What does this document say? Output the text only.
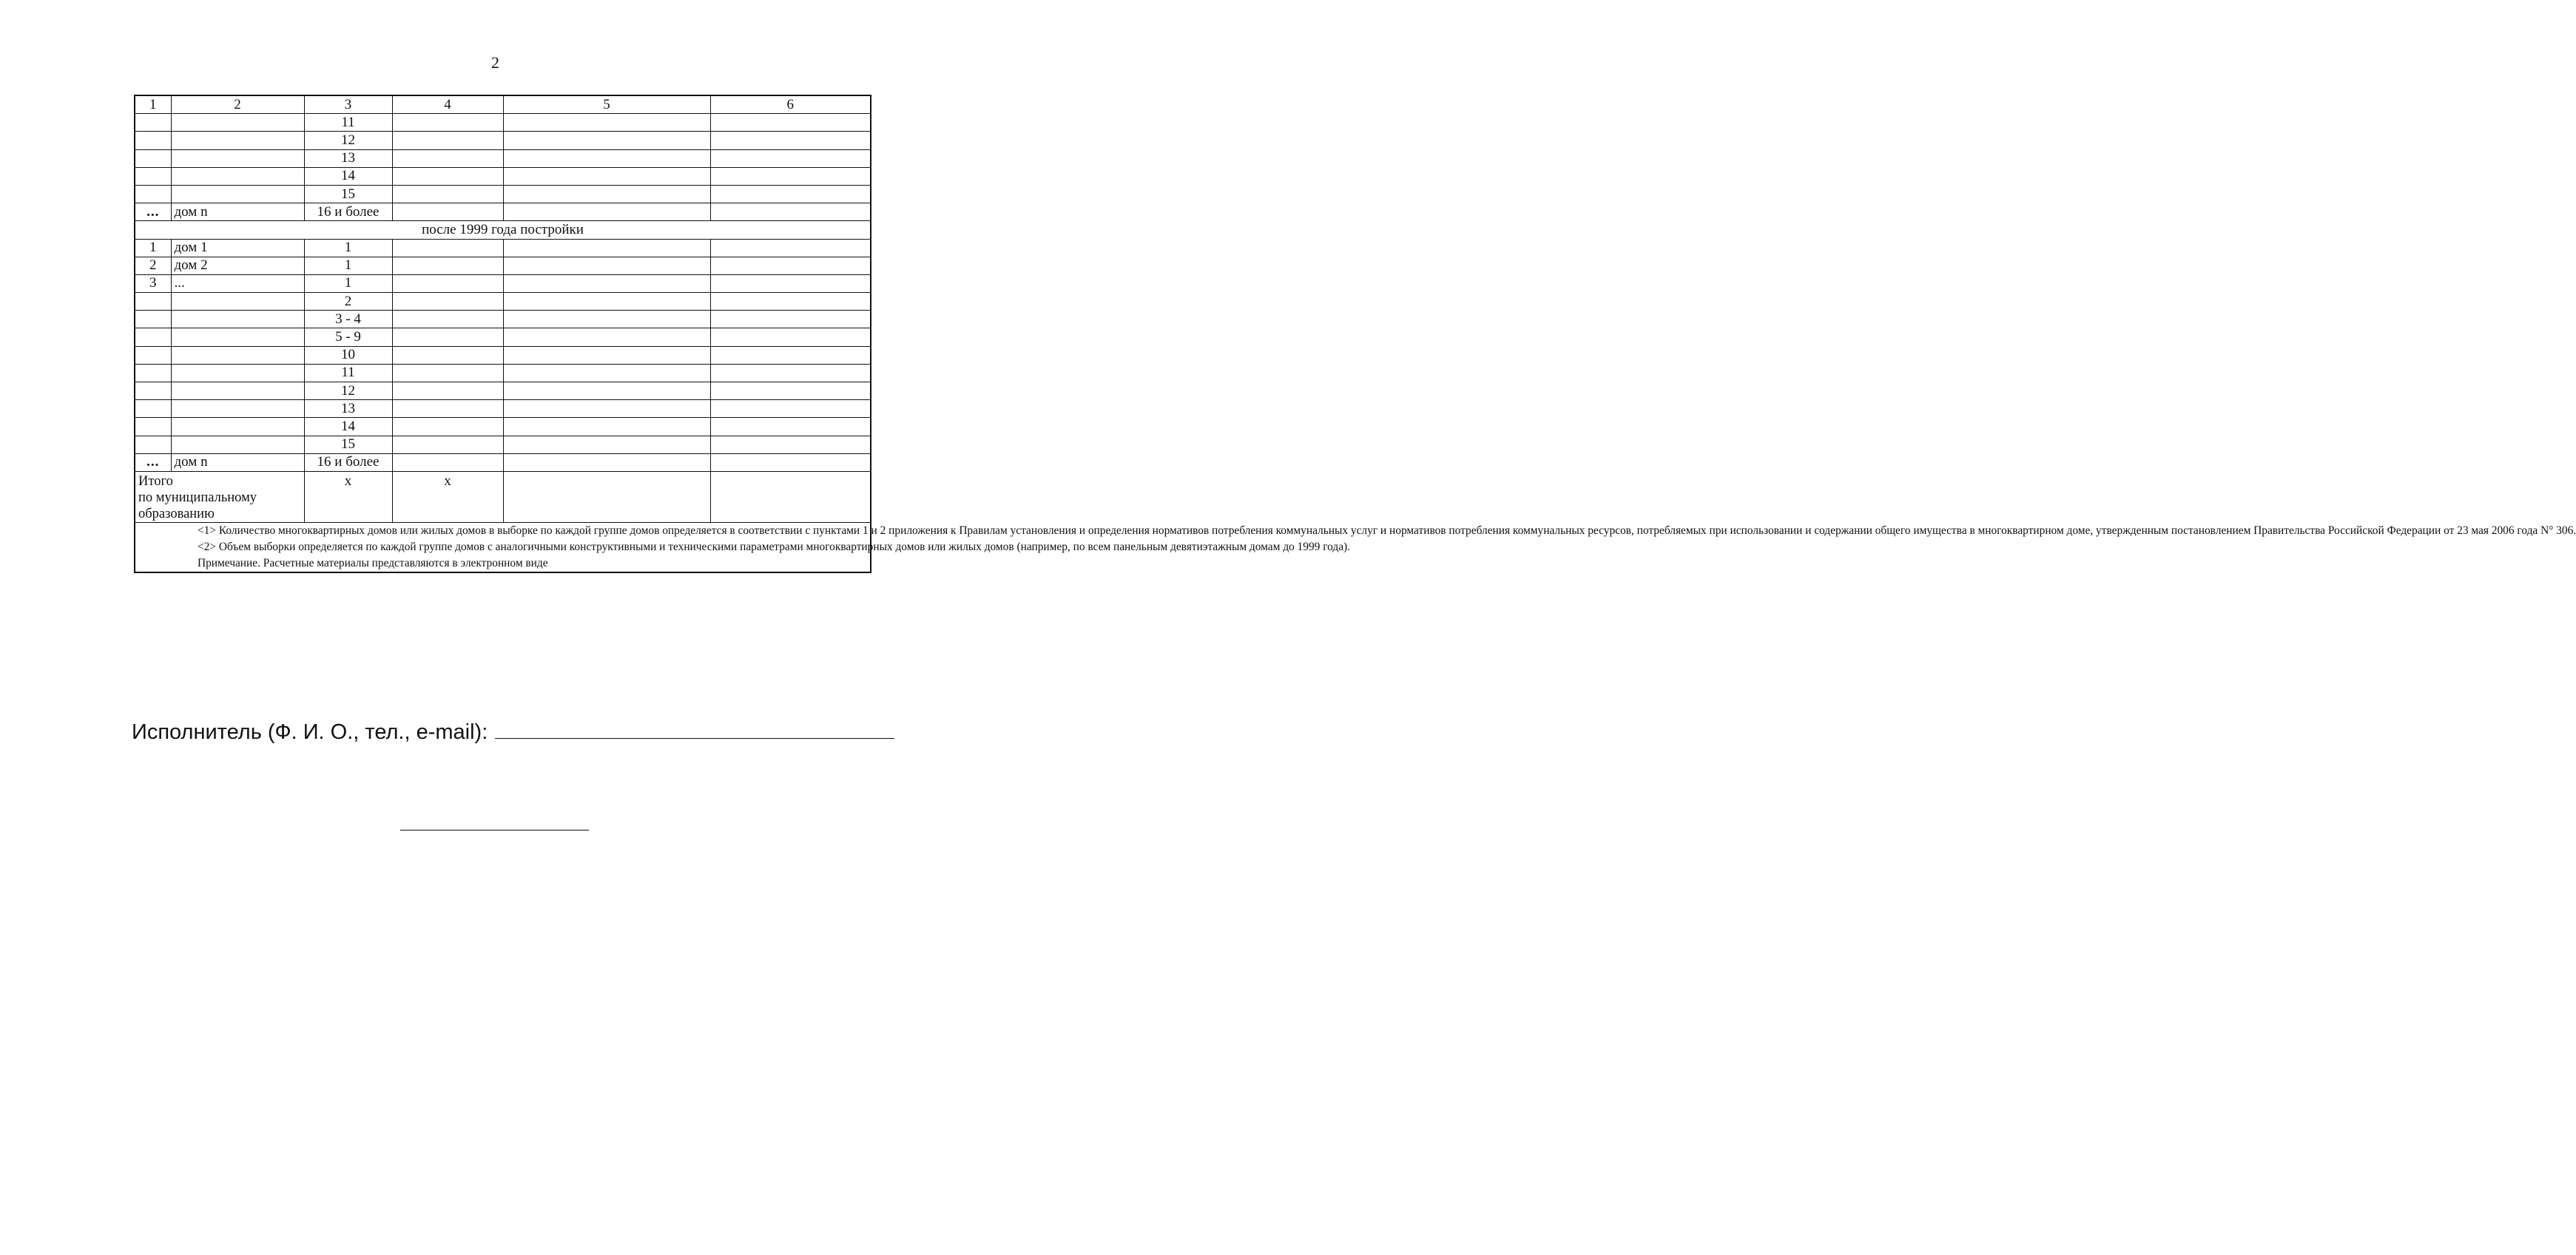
2
1	2	3	4	5	6
		11			
		12			
		13			
		14			
		15			
...	дом n	16 и более			
после 1999 года постройки					
1	дом 1	1			
2	дом 2	1			
3	...	1			
		2			
		3 - 4			
		5 - 9			
		10			
		11			
		12			
		13			
		14			
		15			
...	дом n	16 и более			

Итого
по муниципальному
образованию		x	x		

<1> Количество многоквартирных домов или жилых домов в выборке по каждой группе домов определяется в соответствии с пунктами 1 и 2 приложения к Правилам установления и определения нормативов потребления коммунальных услуг и нормативов потребления коммунальных ресурсов, потребляемых при использовании и содержании общего имущества в многоквартирном доме, утвержденным постановлением Правительства Российской Федерации от 23 мая 2006 года N° 306.

<2> Объем выборки определяется по каждой группе домов с аналогичными конструктивными и техническими параметрами многоквартирных домов или жилых домов (например, по всем панельным девятиэтажным домам до 1999 года).

Примечание. Расчетные материалы представляются в электронном виде					

Исполнитель (Ф. И. О., тел., e-mail):
